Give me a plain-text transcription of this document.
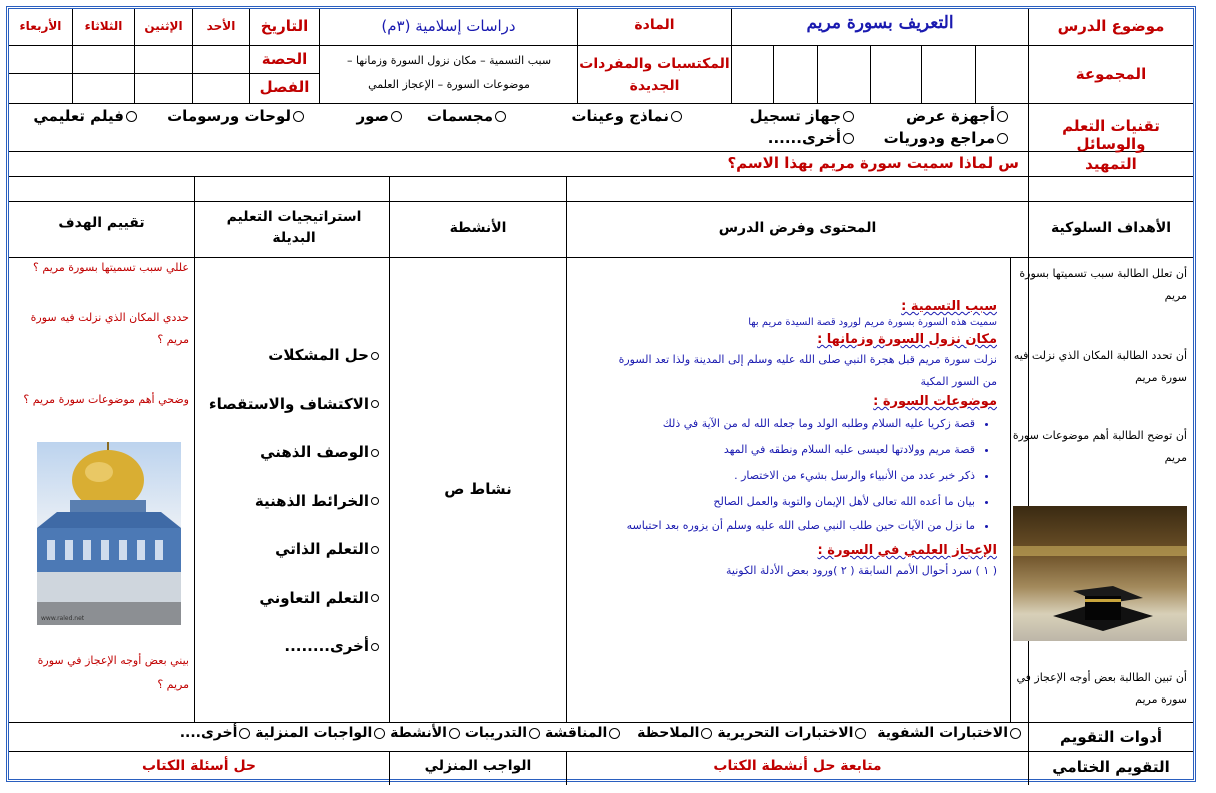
موضوع الدرس
التعريف بسورة مريم
المادة
دراسات إسلامية (٣م)
التاريخ
الأحد
الإثنين
الثلاثاء
الأربعاء
المجموعة
المكتسبات والمفردات الجديدة
سبب التسمية – مكان نزول السورة وزمانها – موضوعات السورة – الإعجاز العلمي
الحصة
الفصل
تقنيات التعلم والوسائل
أجهزة عرض
جهاز تسجيل
نماذج وعينات
مجسمات
صور
لوحات ورسومات
فيلم تعليمي
مراجع ودوريات
أخرى......
التمهيد
س لماذا سميت سورة مريم بهذا الاسم؟
الأهداف السلوكية
المحتوى وفرض الدرس
الأنشطة
استراتيجيات التعليم البديلة
تقييم الهدف
أن تعلل الطالبة سبب تسميتها بسورة مريم
أن تحدد الطالبة المكان الذي نزلت فيه سورة مريم
أن توضح الطالبة أهم موضوعات سورة مريم
أن تبين الطالبة بعض أوجه الإعجاز في سورة مريم
سبب التسمية :
سميت هذه السورة بسورة مريم لورود قصة السيدة مريم بها
مكان نزول السورة وزمانها :
نزلت سورة مريم قبل هجرة النبي صلى الله عليه وسلم إلى المدينة ولذا تعد السورة من السور المكية
موضوعات السورة :
• قصة زكريا عليه السلام وطلبه الولد وما جعله الله له من الآية في ذلك
• قصة مريم وولادتها لعيسى عليه السلام ونطقه في المهد
• ذكر خبر عدد من الأنبياء والرسل بشيء من الاختصار .
• بيان ما أعده الله تعالى لأهل الإيمان والتوبة والعمل الصالح
• ما نزل من الآيات حين طلب النبي صلى الله عليه وسلم أن يزوره بعد احتباسه
الإعجاز العلمي في السورة :
( ١ ) سرد أحوال الأمم السابقة ( ٢ )ورود بعض الأدلة الكونية
نشاط ص
حل المشكلات
الاكتشاف والاستقصاء
الوصف الذهني
الخرائط الذهنية
التعلم الذاتي
التعلم التعاوني
أخرى........
عللي سبب تسميتها بسورة مريم ؟
حددي المكان الذي نزلت فيه سورة مريم ؟
وضحي أهم موضوعات سورة مريم ؟
www.raled.net
بيني بعض أوجه الإعجاز في سورة مريم ؟
أدوات التقويم
الاختبارات الشفوية الاختبارات التحريرية الملاحظة المناقشة التدريبات الأنشطة الواجبات المنزلية أخرى....
التقويم الختامي
متابعة حل أنشطة الكتاب
الواجب المنزلي
حل أسئلة الكتاب
